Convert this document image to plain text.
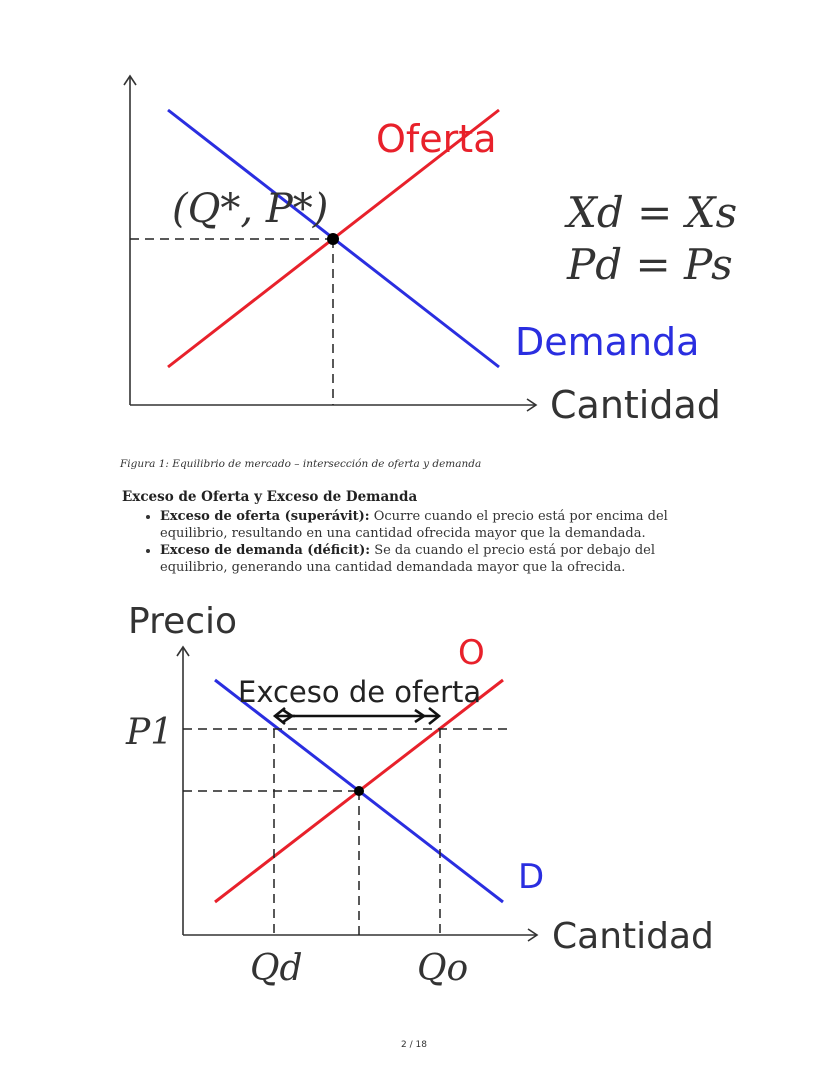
Oferta
(Q*, P*)	Xd = Xs
Pd = Ps
Demanda
Cantidad
Precio
Exceso de oferta
O
D
P1
Cantidad
Qd	Qo
Figura 1: Equilibrio de mercado – intersección de oferta y demanda
Exceso de Oferta y Exceso de Demanda
• Exceso de oferta (superávit): Ocurre cuando el precio está por encima del equilibrio, resultando en una cantidad ofrecida mayor que la demandada.
• Exceso de demanda (déficit): Se da cuando el precio está por debajo del equilibrio, generando una cantidad demandada mayor que la ofrecida.
2 / 18
